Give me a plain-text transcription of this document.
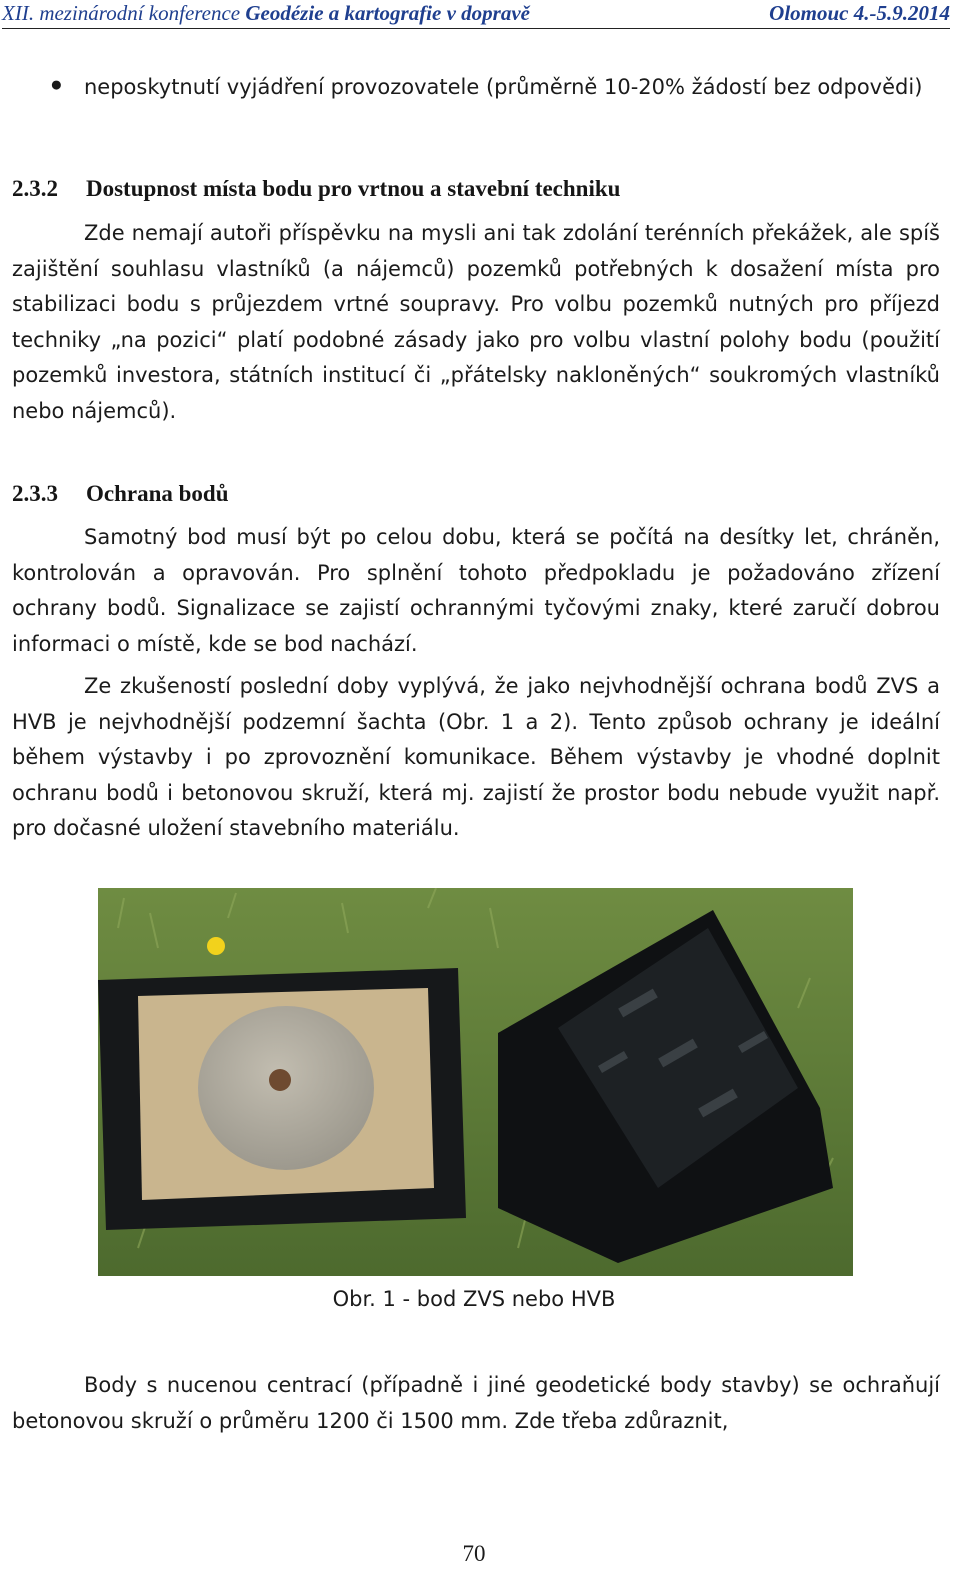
XII. mezinárodní konference Geodézie a kartografie v dopravě	Olomouc 4.-5.9.2014
● neposkytnutí vyjádření provozovatele (průměrně 10-20% žádostí bez odpovědi)
2.3.2 Dostupnost místa bodu pro vrtnou a stavební techniku
Zde nemají autoři příspěvku na mysli ani tak zdolání terénních překážek, ale spíš zajištění souhlasu vlastníků (a nájemců) pozemků potřebných k dosažení místa pro stabilizaci bodu s průjezdem vrtné soupravy. Pro volbu pozemků nutných pro příjezd techniky „na pozici“ platí podobné zásady jako pro volbu vlastní polohy bodu (použití pozemků investora, státních institucí či „přátelsky nakloněných“ soukromých vlastníků nebo nájemců).
2.3.3 Ochrana bodů
Samotný bod musí být po celou dobu, která se počítá na desítky let, chráněn, kontrolován a opravován. Pro splnění tohoto předpokladu je požadováno zřízení ochrany bodů. Signalizace se zajistí ochrannými tyčovými znaky, které zaručí dobrou informaci o místě, kde se bod nachází.
Ze zkušeností poslední doby vyplývá, že jako nejvhodnější ochrana bodů ZVS a HVB je nejvhodnější podzemní šachta (Obr. 1 a 2). Tento způsob ochrany je ideální během výstavby i po zprovoznění komunikace. Během výstavby je vhodné doplnit ochranu bodů i betonovou skruží, která mj. zajistí že prostor bodu nebude využit např. pro dočasné uložení stavebního materiálu.
Obr. 1 - bod ZVS nebo HVB
Body s nucenou centrací (případně i jiné geodetické body stavby) se ochraňují betonovou skruží o průměru 1200 či 1500 mm. Zde třeba zdůraznit,
70
